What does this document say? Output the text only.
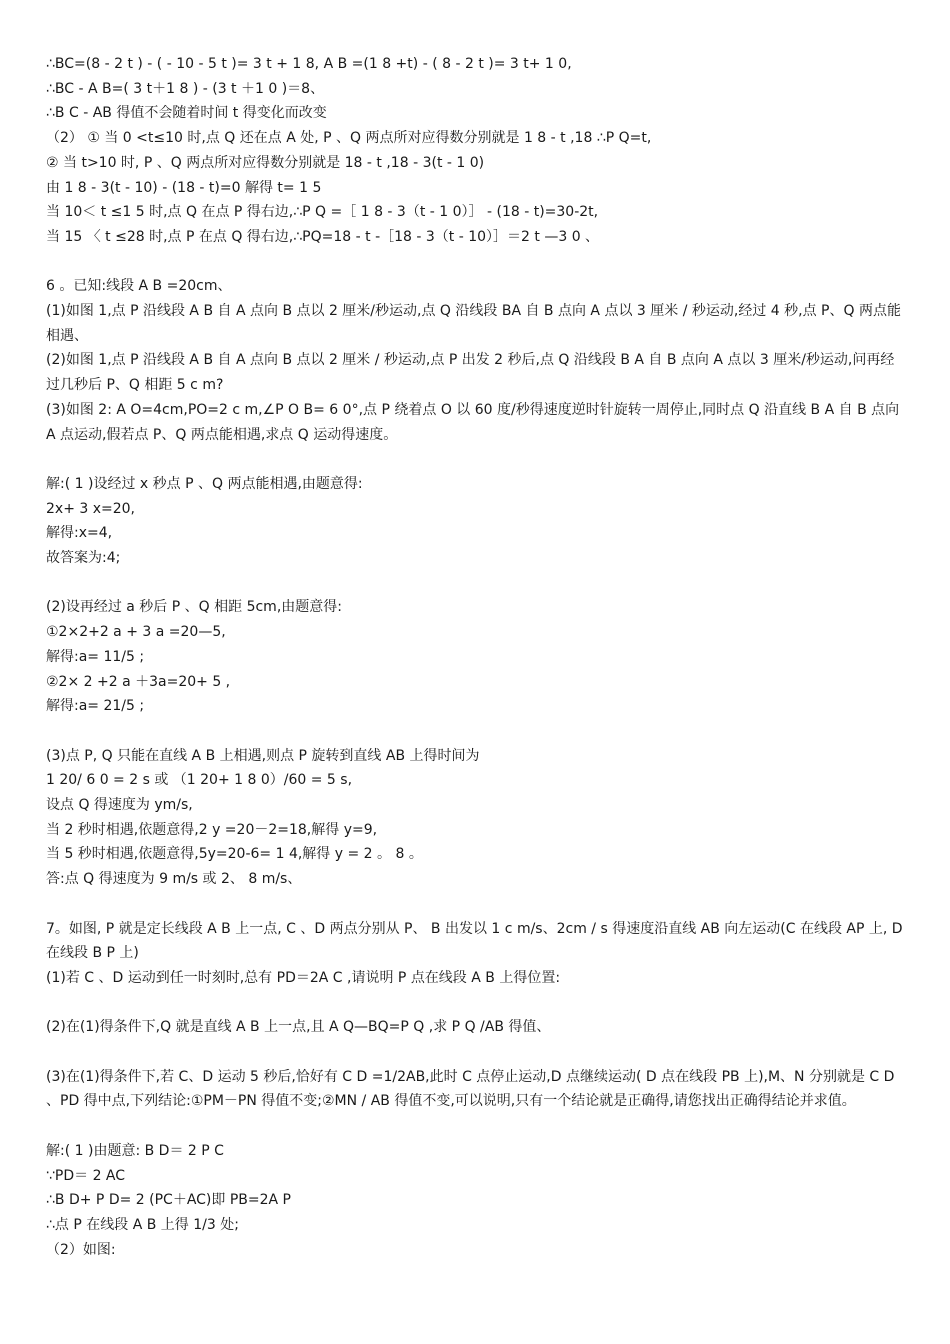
∴BC=(8 - 2 t ) - ( - 10 - 5 t )= 3 t + 1 8, A B =(1 8 +t) - ( 8 - 2 t )= 3 t+ 1 0,
∴BC - A B=( 3 t＋1 8 ) - (3 t ＋1 0 )＝8、
∴B C - AB 得值不会随着时间 t 得变化而改变
（2） ① 当 0 <t≤10 时,点 Q 还在点 A 处, P 、Q 两点所对应得数分别就是 1 8 - t ,18 ∴P Q=t,
② 当 t>10 时, P 、Q 两点所对应得数分别就是 18 - t ,18 - 3(t - 1 0)
由 1 8 - 3(t - 10) - (18 - t)=0 解得 t= 1 5
当 10＜ t ≤1 5 时,点 Q 在点 P 得右边,∴P Q =［ 1 8 - 3（t - 1 0）］ - (18 - t)=30-2t,
当 15 〈 t ≤28 时,点 P 在点 Q 得右边,∴PQ=18 - t -［18 - 3（t - 10）］＝2 t —3 0 、
6 。已知:线段 A B =20cm、
(1)如图 1,点 P 沿线段 A B 自 A 点向 B 点以 2 厘米/秒运动,点 Q 沿线段 BA 自 B 点向 A 点以 3 厘米 / 秒运动,经过 4 秒,点 P、Q 两点能相遇、
(2)如图 1,点 P 沿线段 A B 自 A 点向 B 点以 2 厘米 / 秒运动,点 P 出发 2 秒后,点 Q 沿线段 B A 自 B 点向 A 点以 3 厘米/秒运动,问再经过几秒后 P、Q 相距 5 c m?
(3)如图 2: A O=4cm,PO=2 c m,∠P O B= 6 0°,点 P 绕着点 O 以 60 度/秒得速度逆时针旋转一周停止,同时点 Q 沿直线 B A 自 B 点向 A 点运动,假若点 P、Q 两点能相遇,求点 Q 运动得速度。
解:( 1 )设经过 x 秒点 P 、Q 两点能相遇,由题意得:
2x+ 3 x=20,
解得:x=4,
故答案为:4;
(2)设再经过 a 秒后 P 、Q 相距 5cm,由题意得:
①2×2+2 a + 3 a =20—5,
解得:a= 11/5 ;
②2× 2 +2 a ＋3a=20+ 5 ,
解得:a= 21/5 ;
(3)点 P, Q 只能在直线 A B 上相遇,则点 P 旋转到直线 AB 上得时间为
1 20/ 6 0 = 2 s 或 （1 20+ 1 8 0）/60 = 5 s,
设点 Q 得速度为 ym/s,
当 2 秒时相遇,依题意得,2 y =20－2=18,解得 y=9,
当 5 秒时相遇,依题意得,5y=20-6= 1 4,解得 y = 2 。 8 。
答:点 Q 得速度为 9 m/s 或 2、 8 m/s、
7。如图, P 就是定长线段 A B 上一点, C 、D 两点分别从 P、 B 出发以 1 c m/s、2cm / s 得速度沿直线 AB 向左运动(C 在线段 AP 上, D 在线段 B P 上)
(1)若 C 、D 运动到任一时刻时,总有 PD＝2A C ,请说明 P 点在线段 A B 上得位置:
(2)在(1)得条件下,Q 就是直线 A B 上一点,且 A Q—BQ=P Q ,求 P Q /AB 得值、
(3)在(1)得条件下,若 C、D 运动 5 秒后,恰好有 C D =1/2AB,此时 C 点停止运动,D 点继续运动( D 点在线段 PB 上),M、N 分别就是 C D 、PD 得中点,下列结论:①PM－PN 得值不变;②MN / AB 得值不变,可以说明,只有一个结论就是正确得,请您找出正确得结论并求值。
解:( 1 )由题意: B D＝ 2 P C
∵PD＝ 2 AC
∴B D+ P D= 2 (PC＋AC)即 PB=2A P
∴点 P 在线段 A B 上得 1/3 处;
（2）如图:
